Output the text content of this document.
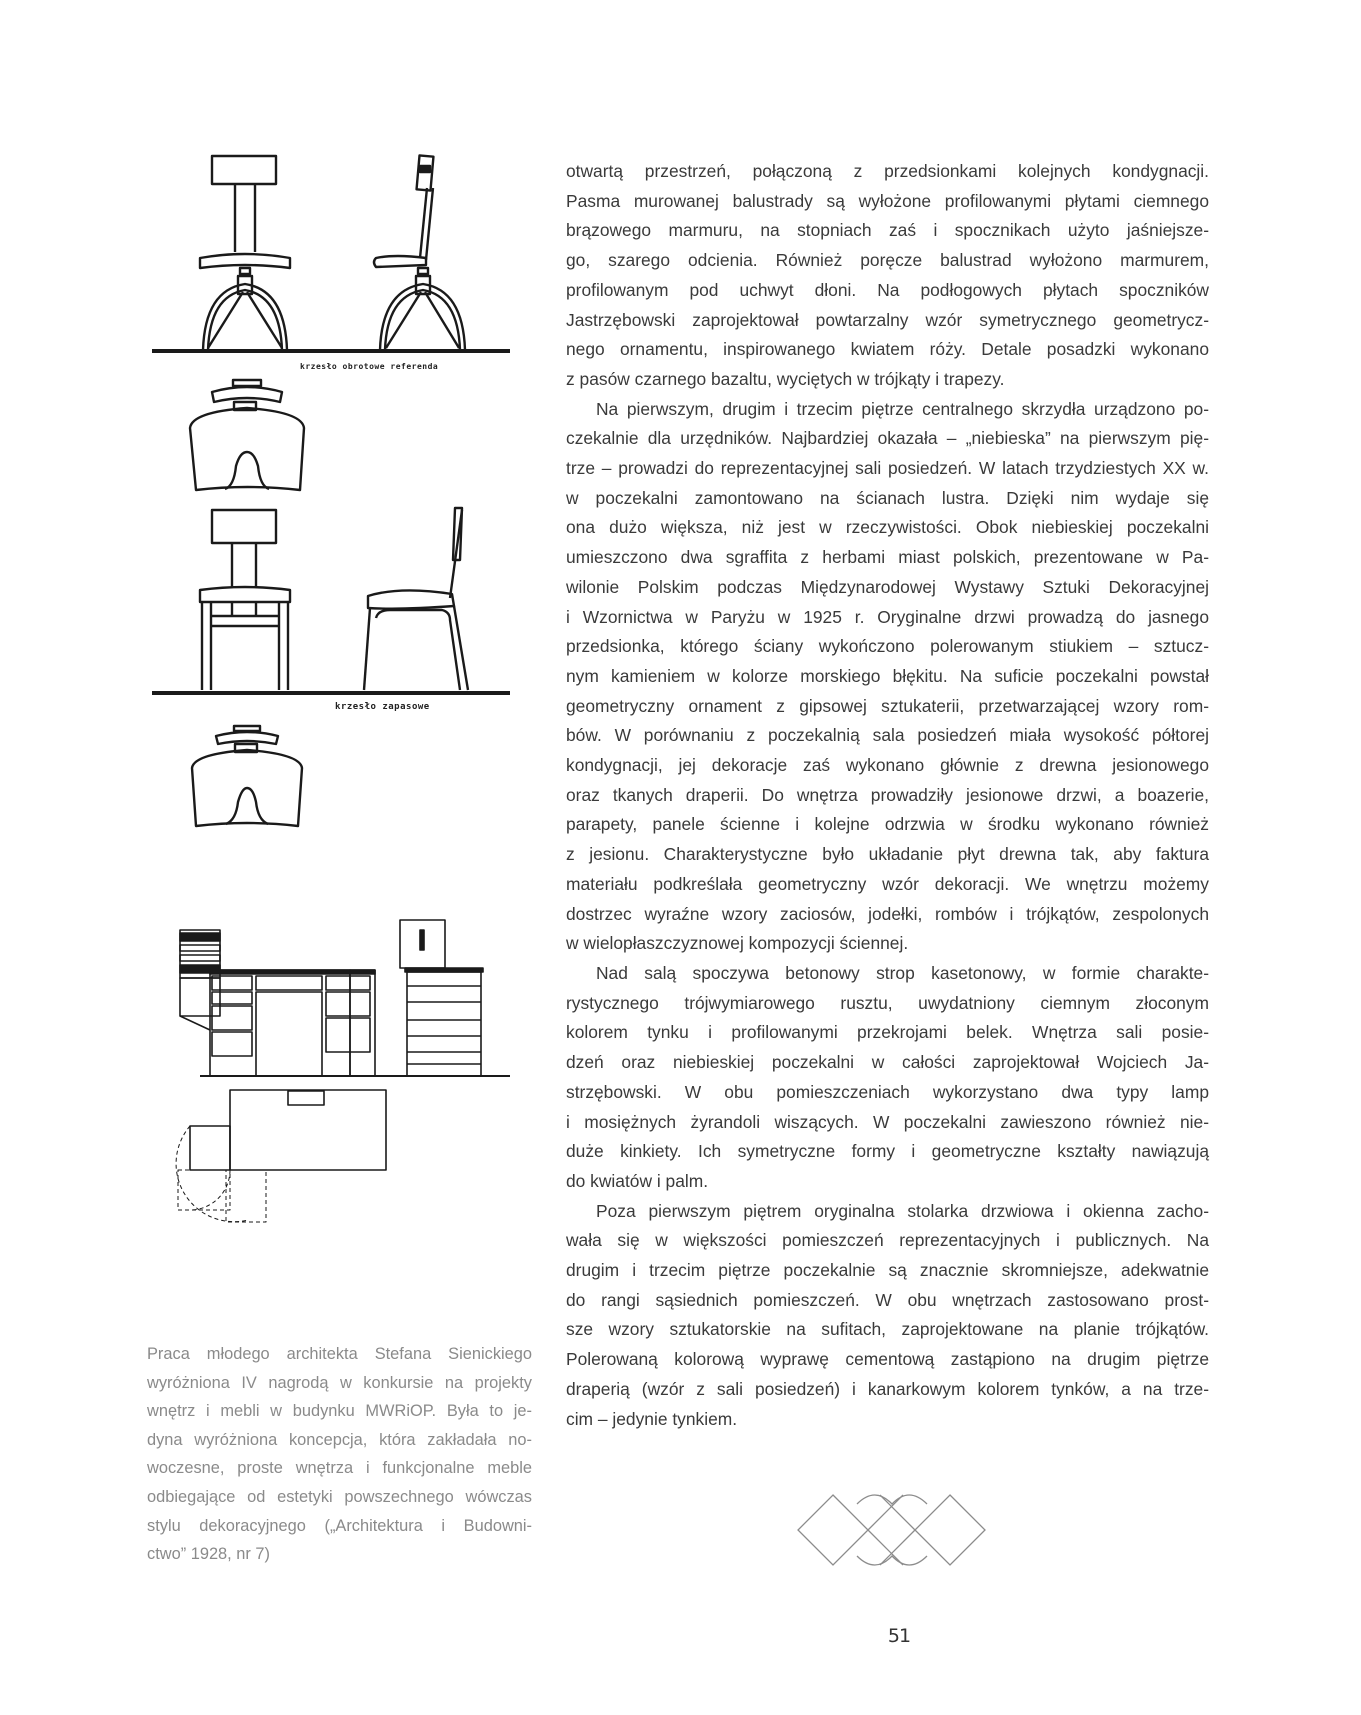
krzesło obrotowe referenda
krzesło zapasowe
Praca młodego architekta Stefana Sienickiego
wyróżniona IV nagrodą w konkursie na projekty
wnętrz i mebli w budynku MWRiOP. Była to je-
dyna wyróżniona koncepcja, która zakładała no-
woczesne, proste wnętrza i funkcjonalne meble
odbiegające od estetyki powszechnego wówczas
stylu dekoracyjnego („Architektura i Budowni-
ctwo” 1928, nr 7)
otwartą przestrzeń, połączoną z przedsionkami kolejnych kondygnacji.
Pasma murowanej balustrady są wyłożone profilowanymi płytami ciemnego
brązowego marmuru, na stopniach zaś i spocznikach użyto jaśniejsze-
go, szarego odcienia. Również poręcze balustrad wyłożono marmurem,
profilowanym pod uchwyt dłoni. Na podłogowych płytach spoczników
Jastrzębowski zaprojektował powtarzalny wzór symetrycznego geometrycz-
nego ornamentu, inspirowanego kwiatem róży. Detale posadzki wykonano
z pasów czarnego bazaltu, wyciętych w trójkąty i trapezy.
Na pierwszym, drugim i trzecim piętrze centralnego skrzydła urządzono po-
czekalnie dla urzędników. Najbardziej okazała – „niebieska” na pierwszym pię-
trze – prowadzi do reprezentacyjnej sali posiedzeń. W latach trzydziestych XX w.
w poczekalni zamontowano na ścianach lustra. Dzięki nim wydaje się
ona dużo większa, niż jest w rzeczywistości. Obok niebieskiej poczekalni
umieszczono dwa sgraffita z herbami miast polskich, prezentowane w Pa-
wilonie Polskim podczas Międzynarodowej Wystawy Sztuki Dekoracyjnej
i Wzornictwa w Paryżu w 1925 r. Oryginalne drzwi prowadzą do jasnego
przedsionka, którego ściany wykończono polerowanym stiukiem – sztucz-
nym kamieniem w kolorze morskiego błękitu. Na suficie poczekalni powstał
geometryczny ornament z gipsowej sztukaterii, przetwarzającej wzory rom-
bów. W porównaniu z poczekalnią sala posiedzeń miała wysokość półtorej
kondygnacji, jej dekoracje zaś wykonano głównie z drewna jesionowego
oraz tkanych draperii. Do wnętrza prowadziły jesionowe drzwi, a boazerie,
parapety, panele ścienne i kolejne odrzwia w środku wykonano również
z jesionu. Charakterystyczne było układanie płyt drewna tak, aby faktura
materiału podkreślała geometryczny wzór dekoracji. We wnętrzu możemy
dostrzec wyraźne wzory zaciosów, jodełki, rombów i trójkątów, zespolonych
w wielopłaszczyznowej kompozycji ściennej.
Nad salą spoczywa betonowy strop kasetonowy, w formie charakte-
rystycznego trójwymiarowego rusztu, uwydatniony ciemnym złoconym
kolorem tynku i profilowanymi przekrojami belek. Wnętrza sali posie-
dzeń oraz niebieskiej poczekalni w całości zaprojektował Wojciech Ja-
strzębowski. W obu pomieszczeniach wykorzystano dwa typy lamp
i mosiężnych żyrandoli wiszących. W poczekalni zawieszono również nie-
duże kinkiety. Ich symetryczne formy i geometryczne kształty nawiązują
do kwiatów i palm.
Poza pierwszym piętrem oryginalna stolarka drzwiowa i okienna zacho-
wała się w większości pomieszczeń reprezentacyjnych i publicznych. Na
drugim i trzecim piętrze poczekalnie są znacznie skromniejsze, adekwatnie
do rangi sąsiednich pomieszczeń. W obu wnętrzach zastosowano prost-
sze wzory sztukatorskie na sufitach, zaprojektowane na planie trójkątów.
Polerowaną kolorową wyprawę cementową zastąpiono na drugim piętrze
draperią (wzór z sali posiedzeń) i kanarkowym kolorem tynków, a na trze-
cim – jedynie tynkiem.
51
